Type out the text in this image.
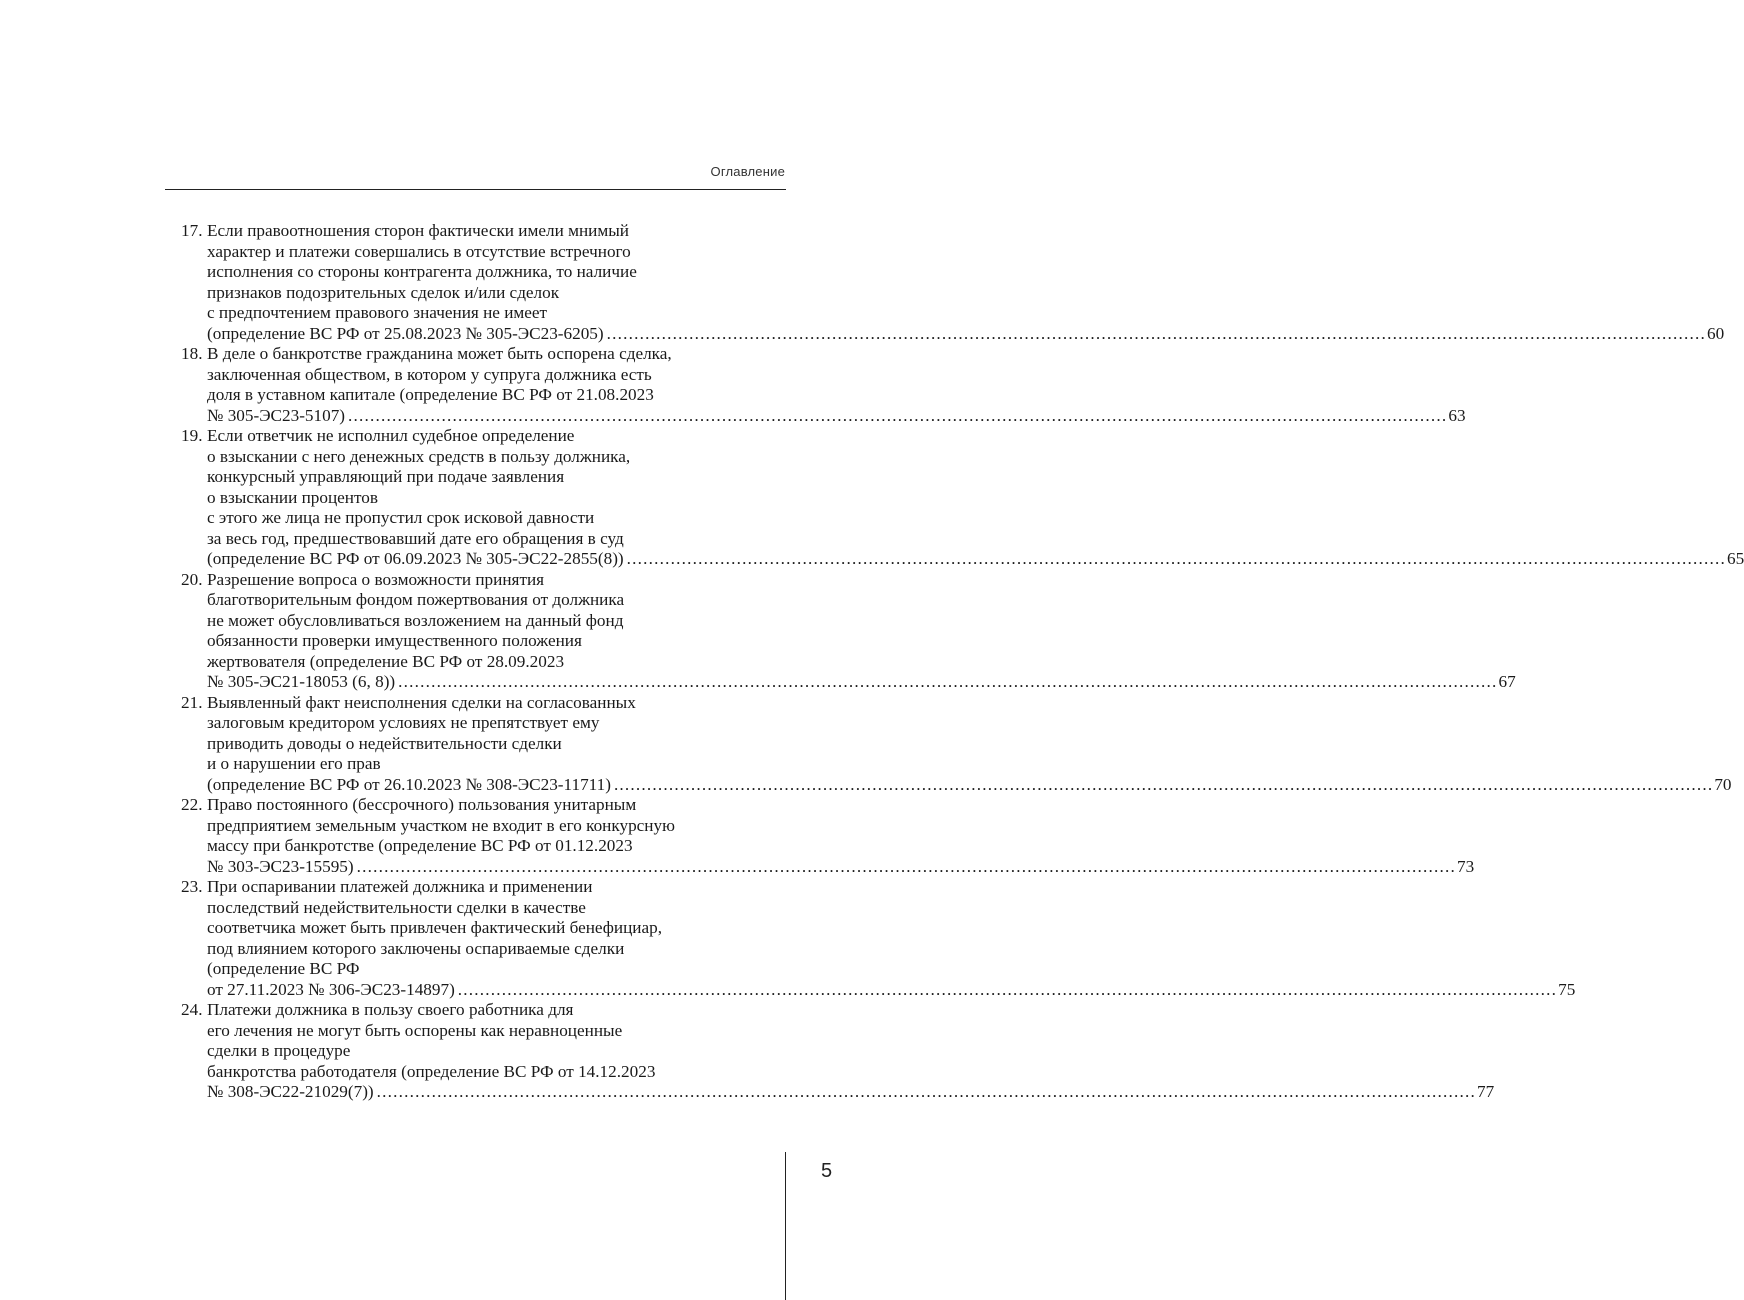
Оглавление
17. Если правоотношения сторон фактически имели мнимый
характер и платежи совершались в отсутствие встречного
исполнения со стороны контрагента должника, то наличие
признаков подозрительных сделок и/или сделок
с предпочтением правового значения не имеет
(определение ВС РФ от 25.08.2023 № 305-ЭС23-6205) ........................................................................................................................................................................................................ 60
18. В деле о банкротстве гражданина может быть оспорена сделка,
заключенная обществом, в котором у супруга должника есть
доля в уставном капитале (определение ВС РФ от 21.08.2023
№ 305-ЭС23-5107) ........................................................................................................................................................................................................ 63
19. Если ответчик не исполнил судебное определение
о взыскании с него денежных средств в пользу должника,
конкурсный управляющий при подаче заявления
о взыскании процентов
с этого же лица не пропустил срок исковой давности
за весь год, предшествовавший дате его обращения в суд
(определение ВС РФ от 06.09.2023 № 305-ЭС22-2855(8)) ........................................................................................................................................................................................................ 65
20. Разрешение вопроса о возможности принятия
благотворительным фондом пожертвования от должника
не может обусловливаться возложением на данный фонд
обязанности проверки имущественного положения
жертвователя (определение ВС РФ от 28.09.2023
№ 305-ЭС21-18053 (6, 8)) ........................................................................................................................................................................................................ 67
21. Выявленный факт неисполнения сделки на согласованных
залоговым кредитором условиях не препятствует ему
приводить доводы о недействительности сделки
и о нарушении его прав
(определение ВС РФ от 26.10.2023 № 308-ЭС23-11711) ........................................................................................................................................................................................................ 70
22. Право постоянного (бессрочного) пользования унитарным
предприятием земельным участком не входит в его конкурсную
массу при банкротстве (определение ВС РФ от 01.12.2023
№ 303-ЭС23-15595) ........................................................................................................................................................................................................ 73
23. При оспаривании платежей должника и применении
последствий недействительности сделки в качестве
соответчика может быть привлечен фактический бенефициар,
под влиянием которого заключены оспариваемые сделки
(определение ВС РФ
от 27.11.2023 № 306-ЭС23-14897) ........................................................................................................................................................................................................ 75
24. Платежи должника в пользу своего работника для
его лечения не могут быть оспорены как неравноценные
сделки в процедуре
банкротства работодателя (определение ВС РФ от 14.12.2023
№ 308-ЭС22-21029(7)) ........................................................................................................................................................................................................ 77
5
